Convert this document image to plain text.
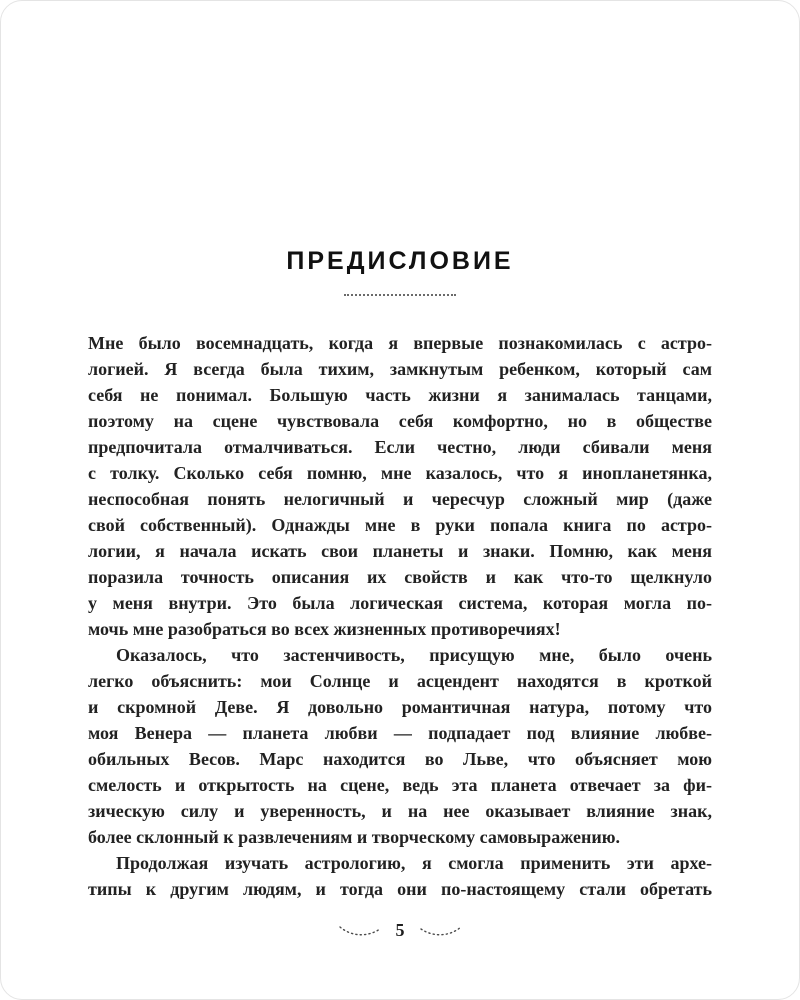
ПРЕДИСЛОВИЕ
Мне было восемнадцать, когда я впервые познакомилась с астро-
логией. Я всегда была тихим, замкнутым ребенком, который сам
себя не понимал. Большую часть жизни я занималась танцами,
поэтому на сцене чувствовала себя комфортно, но в обществе
предпочитала отмалчиваться. Если честно, люди сбивали меня
с толку. Сколько себя помню, мне казалось, что я инопланетянка,
неспособная понять нелогичный и чересчур сложный мир (даже
свой собственный). Однажды мне в руки попала книга по астро-
логии, я начала искать свои планеты и знаки. Помню, как меня
поразила точность описания их свойств и как что-то щелкнуло
у меня внутри. Это была логическая система, которая могла по-
мочь мне разобраться во всех жизненных противоречиях!
Оказалось, что застенчивость, присущую мне, было очень
легко объяснить: мои Солнце и асцендент находятся в кроткой
и скромной Деве. Я довольно романтичная натура, потому что
моя Венера — планета любви — подпадает под влияние любве-
обильных Весов. Марс находится во Льве, что объясняет мою
смелость и открытость на сцене, ведь эта планета отвечает за фи-
зическую силу и уверенность, и на нее оказывает влияние знак,
более склонный к развлечениям и творческому самовыражению.
Продолжая изучать астрологию, я смогла применить эти архе-
типы к другим людям, и тогда они по-настоящему стали обретать
5
